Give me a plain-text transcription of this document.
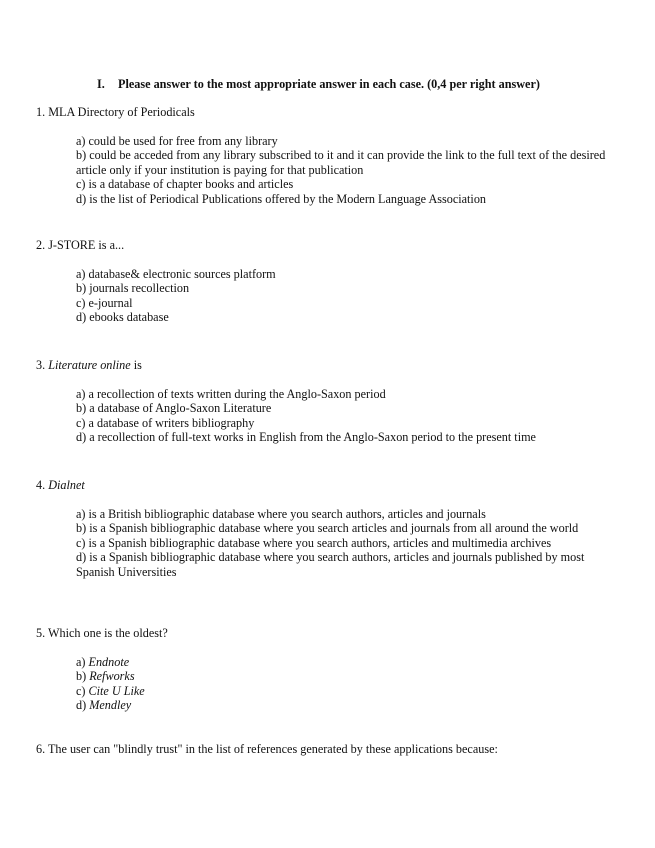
I. Please answer to the most appropriate answer in each case. (0,4 per right answer)

1. MLA Directory of Periodicals

a) could be used for free from any library
b) could be acceded from any library subscribed to it and it can provide the link to the full text of the desired article only if your institution is paying for that publication
c) is a database of chapter books and articles
d) is the list of Periodical Publications offered by the Modern Language Association

2. J-STORE is a...

a) database& electronic sources platform
b) journals recollection
c) e-journal
d) ebooks database

3. Literature online is

a) a recollection of texts written during the Anglo-Saxon period
b) a database of Anglo-Saxon Literature
c) a database of writers bibliography
d) a recollection of full-text works in English from the Anglo-Saxon period to the present time

4. Dialnet

a) is a British bibliographic database where you search authors, articles and journals
b) is a Spanish bibliographic database where you search articles and journals from all around the world
c) is a Spanish bibliographic database where you search authors, articles and multimedia archives
d) is a Spanish bibliographic database where you search authors, articles and journals published by most Spanish Universities

5. Which one is the oldest?

a) Endnote
b) Refworks
c) Cite U Like
d) Mendley

6. The user can "blindly trust" in the list of references generated by these applications because:
